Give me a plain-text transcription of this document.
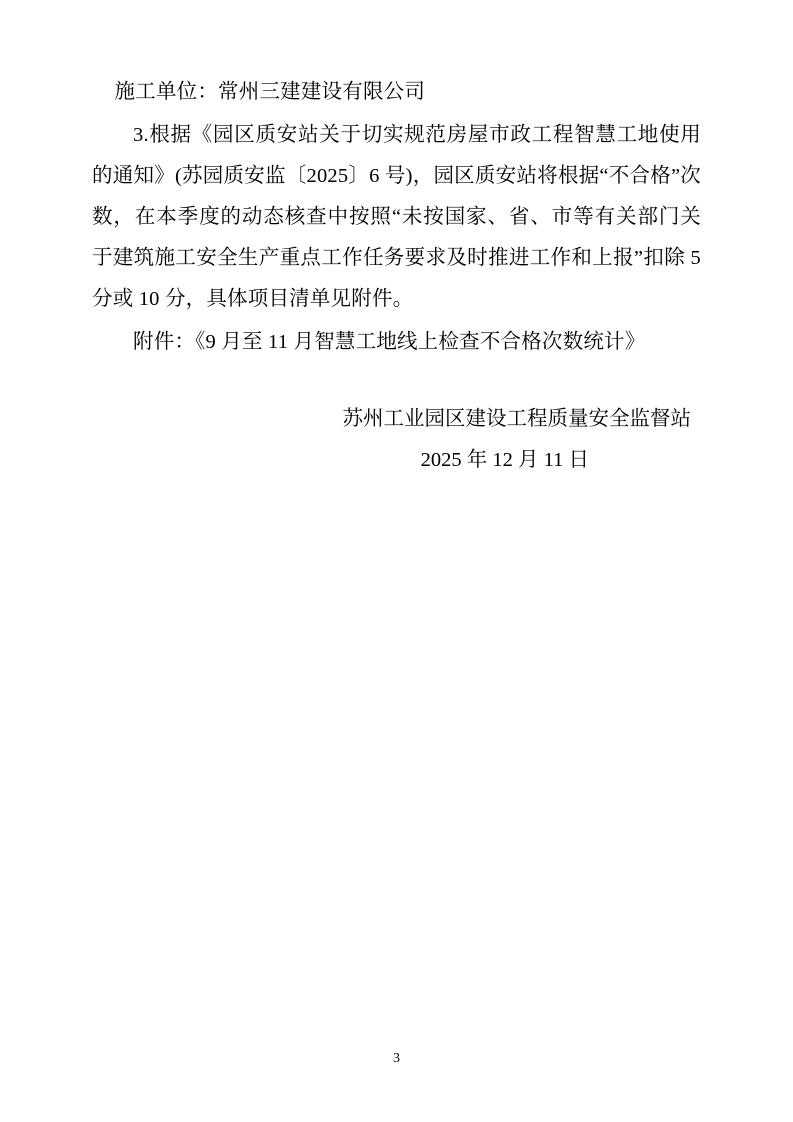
施工单位：常州三建建设有限公司

3.根据《园区质安站关于切实规范房屋市政工程智慧工地使用的通知》(苏园质安监〔2025〕6 号)，园区质安站将根据“不合格”次数，在本季度的动态核查中按照“未按国家、省、市等有关部门关于建筑施工安全生产重点工作任务要求及时推进工作和上报”扣除 5 分或 10 分，具体项目清单见附件。

附件：《9 月至 11 月智慧工地线上检查不合格次数统计》

苏州工业园区建设工程质量安全监督站
2025 年 12 月 11 日
3
